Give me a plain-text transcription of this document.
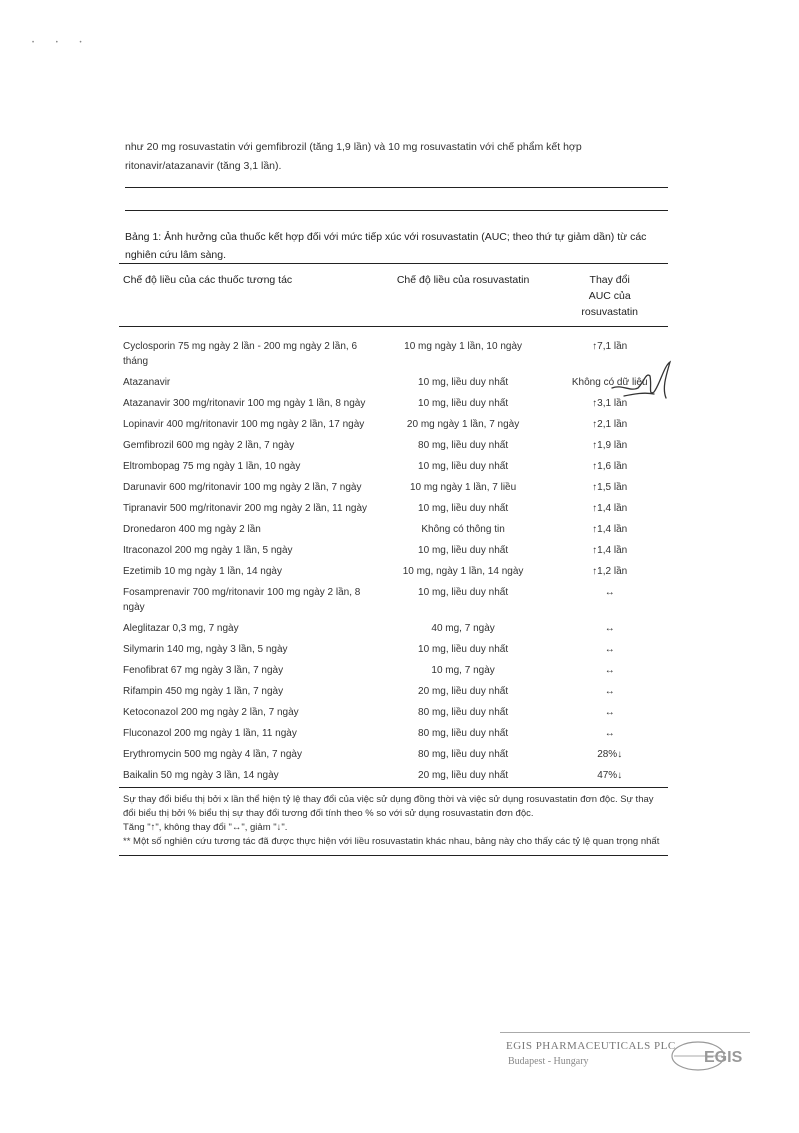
• • •

như 20 mg rosuvastatin với gemfibrozil (tăng 1,9 lần) và 10 mg rosuvastatin với chế phẩm kết hợp ritonavir/atazanavir (tăng 3,1 lần).

Bảng 1: Ảnh hưởng của thuốc kết hợp đối với mức tiếp xúc với rosuvastatin (AUC; theo thứ tự giảm dần) từ các nghiên cứu lâm sàng.

Chế độ liều của các thuốc tương tác	Chế độ liều của rosuvastatin	Thay đổi AUC của rosuvastatin
Cyclosporin 75 mg ngày 2 lần - 200 mg ngày 2 lần, 6 tháng	10 mg ngày 1 lần, 10 ngày	↑7,1 lần
Atazanavir	10 mg, liều duy nhất	Không có dữ liệu
Atazanavir 300 mg/ritonavir 100 mg ngày 1 lần, 8 ngày	10 mg, liều duy nhất	↑3,1 lần
Lopinavir 400 mg/ritonavir 100 mg ngày 2 lần, 17 ngày	20 mg ngày 1 lần, 7 ngày	↑2,1 lần
Gemfibrozil 600 mg ngày 2 lần, 7 ngày	80 mg, liều duy nhất	↑1,9 lần
Eltrombopag 75 mg ngày 1 lần, 10 ngày	10 mg, liều duy nhất	↑1,6 lần
Darunavir 600 mg/ritonavir 100 mg ngày 2 lần, 7 ngày	10 mg ngày 1 lần, 7 liều	↑1,5 lần
Tipranavir 500 mg/ritonavir 200 mg ngày 2 lần, 11 ngày	10 mg, liều duy nhất	↑1,4 lần
Dronedaron 400 mg ngày 2 lần	Không có thông tin	↑1,4 lần
Itraconazol 200 mg ngày 1 lần, 5 ngày	10 mg, liều duy nhất	↑1,4 lần
Ezetimib 10 mg ngày 1 lần, 14 ngày	10 mg, ngày 1 lần, 14 ngày	↑1,2 lần
Fosamprenavir 700 mg/ritonavir 100 mg ngày 2 lần, 8 ngày	10 mg, liều duy nhất	↔
Aleglitazar 0,3 mg, 7 ngày	40 mg, 7 ngày	↔
Silymarin 140 mg, ngày 3 lần, 5 ngày	10 mg, liều duy nhất	↔
Fenofibrat 67 mg ngày 3 lần, 7 ngày	10 mg, 7 ngày	↔
Rifampin 450 mg ngày 1 lần, 7 ngày	20 mg, liều duy nhất	↔
Ketoconazol 200 mg ngày 2 lần, 7 ngày	80 mg, liều duy nhất	↔
Fluconazol 200 mg ngày 1 lần, 11 ngày	80 mg, liều duy nhất	↔
Erythromycin 500 mg ngày 4 lần, 7 ngày	80 mg, liều duy nhất	28%↓
Baikalin 50 mg ngày 3 lần, 14 ngày	20 mg, liều duy nhất	47%↓
Sự thay đổi biểu thị bởi x lần thể hiện tỷ lệ thay đổi của việc sử dụng đồng thời và việc sử dụng rosuvastatin đơn độc. Sự thay đổi biểu thị bởi % biểu thị sự thay đổi tương đối tính theo % so với sử dụng rosuvastatin đơn độc.
Tăng "↑", không thay đổi "↔", giảm "↓".
** Một số nghiên cứu tương tác đã được thực hiện với liều rosuvastatin khác nhau, bảng này cho thấy các tỷ lệ quan trọng nhất
EGIS PHARMACEUTICALS PLC
Budapest - Hungary	EGIS
